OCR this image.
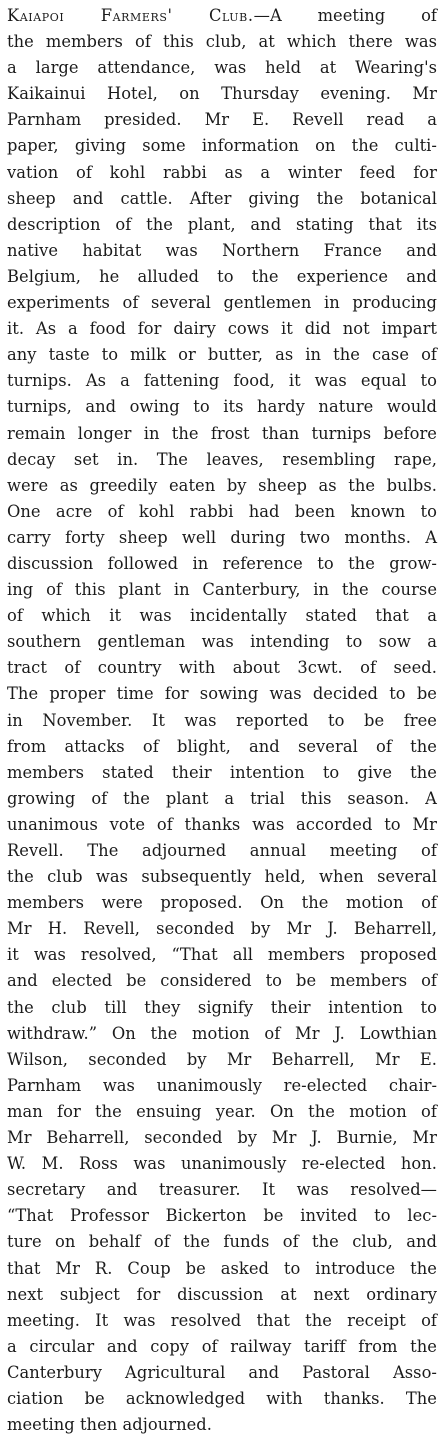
Kaiapoi Farmers' Club.—A meeting of
the members of this club, at which there was
a large attendance, was held at Wearing's
Kaikainui Hotel, on Thursday evening. Mr
Parnham presided. Mr E. Revell read a
paper, giving some information on the culti-
vation of kohl rabbi as a winter feed for
sheep and cattle. After giving the botanical
description of the plant, and stating that its
native habitat was Northern France and
Belgium, he alluded to the experience and
experiments of several gentlemen in producing
it. As a food for dairy cows it did not impart
any taste to milk or butter, as in the case of
turnips. As a fattening food, it was equal to
turnips, and owing to its hardy nature would
remain longer in the frost than turnips before
decay set in. The leaves, resembling rape,
were as greedily eaten by sheep as the bulbs.
One acre of kohl rabbi had been known to
carry forty sheep well during two months. A
discussion followed in reference to the grow-
ing of this plant in Canterbury, in the course
of which it was incidentally stated that a
southern gentleman was intending to sow a
tract of country with about 3cwt. of seed.
The proper time for sowing was decided to be
in November. It was reported to be free
from attacks of blight, and several of the
members stated their intention to give the
growing of the plant a trial this season. A
unanimous vote of thanks was accorded to Mr
Revell. The adjourned annual meeting of
the club was subsequently held, when several
members were proposed. On the motion of
Mr H. Revell, seconded by Mr J. Beharrell,
it was resolved, “That all members proposed
and elected be considered to be members of
the club till they signify their intention to
withdraw.” On the motion of Mr J. Lowthian
Wilson, seconded by Mr Beharrell, Mr E.
Parnham was unanimously re-elected chair-
man for the ensuing year. On the motion of
Mr Beharrell, seconded by Mr J. Burnie, Mr
W. M. Ross was unanimously re-elected hon.
secretary and treasurer. It was resolved—
“That Professor Bickerton be invited to lec-
ture on behalf of the funds of the club, and
that Mr R. Coup be asked to introduce the
next subject for discussion at next ordinary
meeting. It was resolved that the receipt of
a circular and copy of railway tariff from the
Canterbury Agricultural and Pastoral Asso-
ciation be acknowledged with thanks. The
meeting then adjourned.
